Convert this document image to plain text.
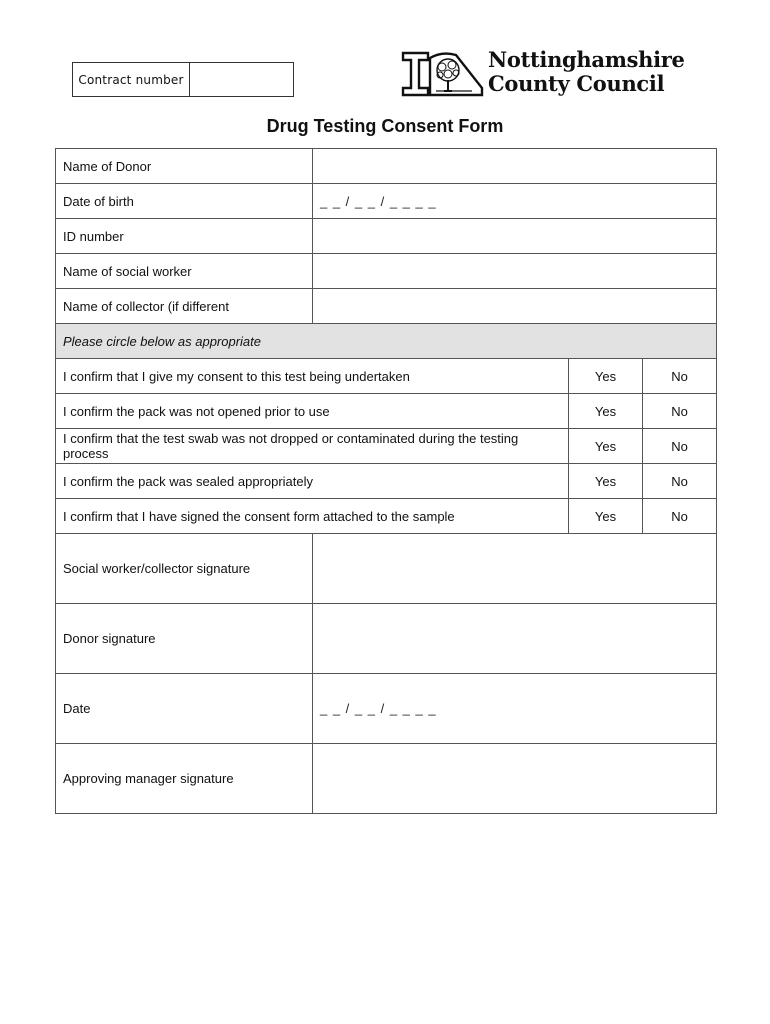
Contract number
Nottinghamshire
County Council
Drug Testing Consent Form
Name of Donor			
Date of birth	_ _ / _ _ / _ _ _ _		
ID number			
Name of social worker			
Name of collector (if different			
Please circle below as appropriate			
I confirm that I give my consent to this test being undertaken		Yes	No
I confirm the pack was not opened prior to use		Yes	No
I confirm that the test swab was not dropped or contaminated during the testing process		Yes	No
I confirm the pack was sealed appropriately		Yes	No
I confirm that I have signed the consent form attached to the sample		Yes	No
Social worker/collector signature			
Donor signature			
Date	_ _ / _ _ / _ _ _ _		
Approving manager signature			
